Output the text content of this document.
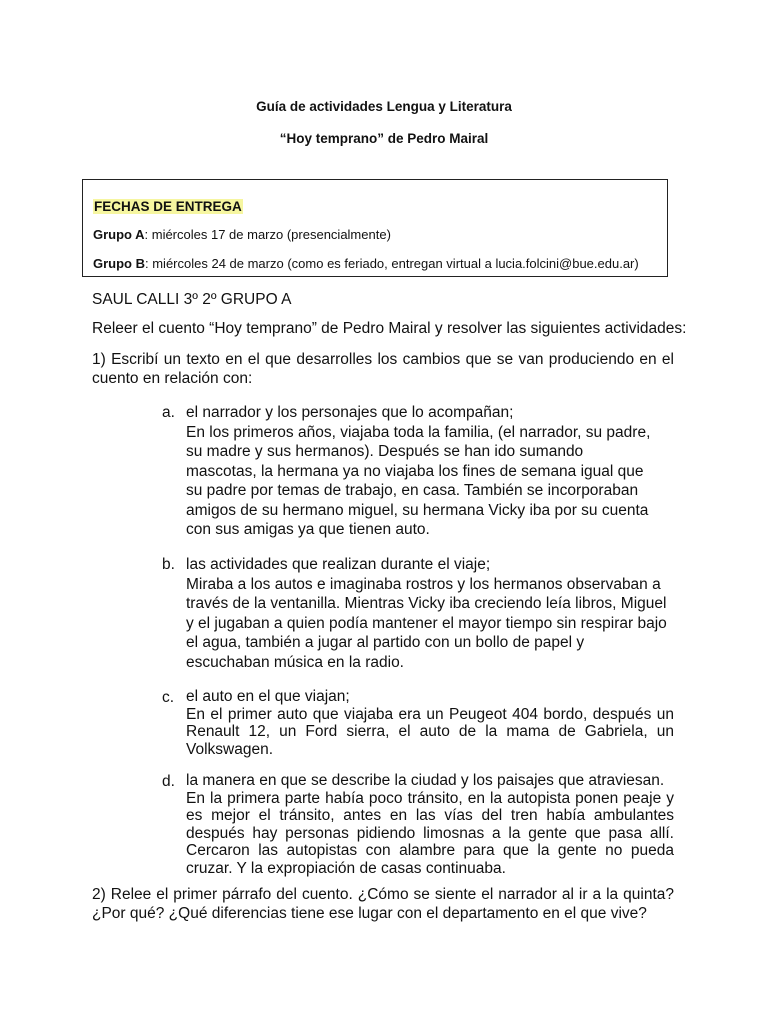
Guía de actividades Lengua y Literatura
“Hoy temprano” de Pedro Mairal
FECHAS DE ENTREGA
Grupo A: miércoles 17 de marzo (presencialmente)
Grupo B: miércoles 24 de marzo (como es feriado, entregan virtual a lucia.folcini@bue.edu.ar)
SAUL CALLI 3º 2º GRUPO A
Releer el cuento “Hoy temprano” de Pedro Mairal y resolver las siguientes actividades:
1) Escribí un texto en el que desarrolles los cambios que se van produciendo en el cuento en relación con:
a. el narrador y los personajes que lo acompañan;
En los primeros años, viajaba toda la familia, (el narrador, su padre, su madre y sus hermanos). Después se han ido sumando mascotas, la hermana ya no viajaba los fines de semana igual que su padre por temas de trabajo, en casa. También se incorporaban amigos de su hermano miguel, su hermana Vicky iba por su cuenta con sus amigas ya que tienen auto.
b. las actividades que realizan durante el viaje;
Miraba a los autos e imaginaba rostros y los hermanos observaban a través de la ventanilla. Mientras Vicky iba creciendo leía libros, Miguel y el jugaban a quien podía mantener el mayor tiempo sin respirar bajo el agua, también a jugar al partido con un bollo de papel y escuchaban música en la radio.
c. el auto en el que viajan;
En el primer auto que viajaba era un Peugeot 404 bordo, después un Renault 12, un Ford sierra, el auto de la mama de Gabriela, un Volkswagen.
d. la manera en que se describe la ciudad y los paisajes que atraviesan.
En la primera parte había poco tránsito, en la autopista ponen peaje y es mejor el tránsito, antes en las vías del tren había ambulantes después hay personas pidiendo limosnas a la gente que pasa allí. Cercaron las autopistas con alambre para que la gente no pueda cruzar. Y la expropiación de casas continuaba.
2) Relee el primer párrafo del cuento. ¿Cómo se siente el narrador al ir a la quinta? ¿Por qué? ¿Qué diferencias tiene ese lugar con el departamento en el que vive?
